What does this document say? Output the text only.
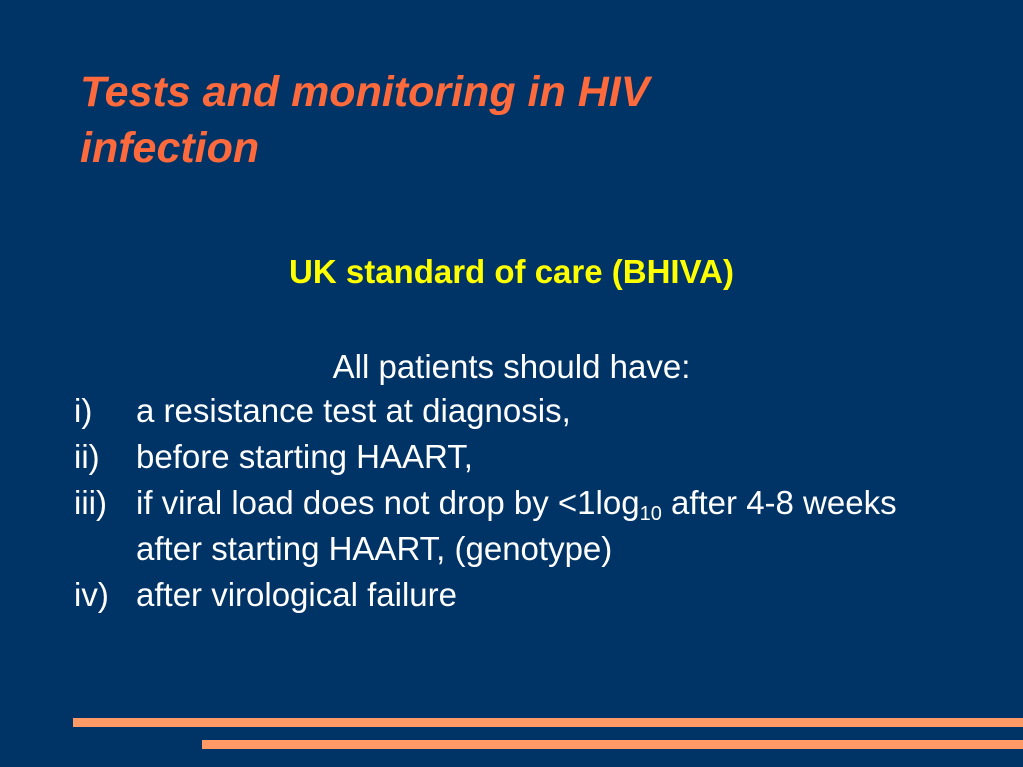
Tests and monitoring in HIV infection
UK standard of care (BHIVA)
All patients should have:
i)	a resistance test at diagnosis,
ii)	before starting HAART,
iii) if viral load does not drop by $<1\log_{10}$ after 4-8 weeks after starting HAART, (genotype)
iv) after virological failure
